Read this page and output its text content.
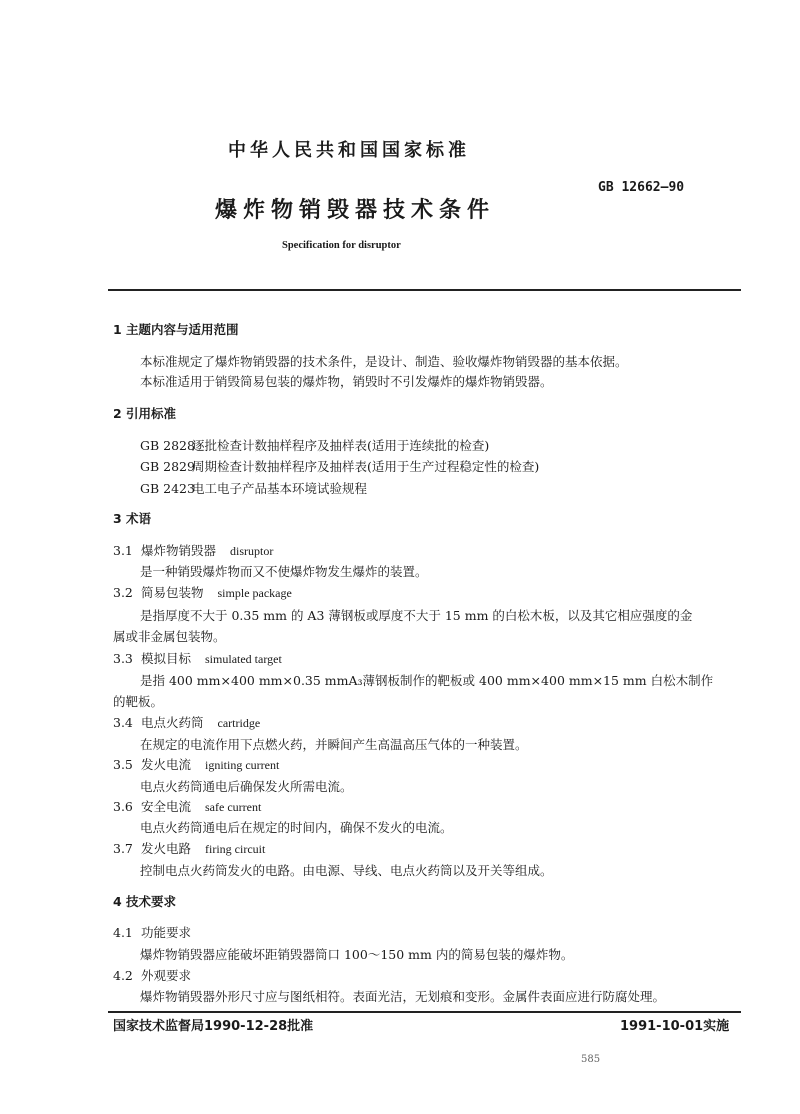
中华人民共和国国家标准
GB 12662—90
爆炸物销毁器技术条件
Specification for disruptor
1 主题内容与适用范围
本标准规定了爆炸物销毁器的技术条件，是设计、制造、验收爆炸物销毁器的基本依据。
本标准适用于销毁简易包装的爆炸物，销毁时不引发爆炸的爆炸物销毁器。
2 引用标准
GB 2828逐批检查计数抽样程序及抽样表(适用于连续批的检查)
GB 2829周期检查计数抽样程序及抽样表(适用于生产过程稳定性的检查)
GB 2423电工电子产品基本环境试验规程
3 术语
3.1 爆炸物销毁器 disruptor
是一种销毁爆炸物而又不使爆炸物发生爆炸的装置。
3.2 简易包装物 simple package
是指厚度不大于 0.35 mm 的 A3 薄钢板或厚度不大于 15 mm 的白松木板，以及其它相应强度的金
属或非金属包装物。
3.3 模拟目标 simulated target
是指 400 mm×400 mm×0.35 mmA₃薄钢板制作的靶板或 400 mm×400 mm×15 mm 白松木制作
的靶板。
3.4 电点火药筒 cartridge
在规定的电流作用下点燃火药，并瞬间产生高温高压气体的一种装置。
3.5 发火电流 igniting current
电点火药筒通电后确保发火所需电流。
3.6 安全电流 safe current
电点火药筒通电后在规定的时间内，确保不发火的电流。
3.7 发火电路 firing circuit
控制电点火药筒发火的电路。由电源、导线、电点火药筒以及开关等组成。
4 技术要求
4.1 功能要求
爆炸物销毁器应能破坏距销毁器筒口 100～150 mm 内的简易包装的爆炸物。
4.2 外观要求
爆炸物销毁器外形尺寸应与图纸相符。表面光洁，无划痕和变形。金属件表面应进行防腐处理。
国家技术监督局1990-12-28批准	1991-10-01实施
585
